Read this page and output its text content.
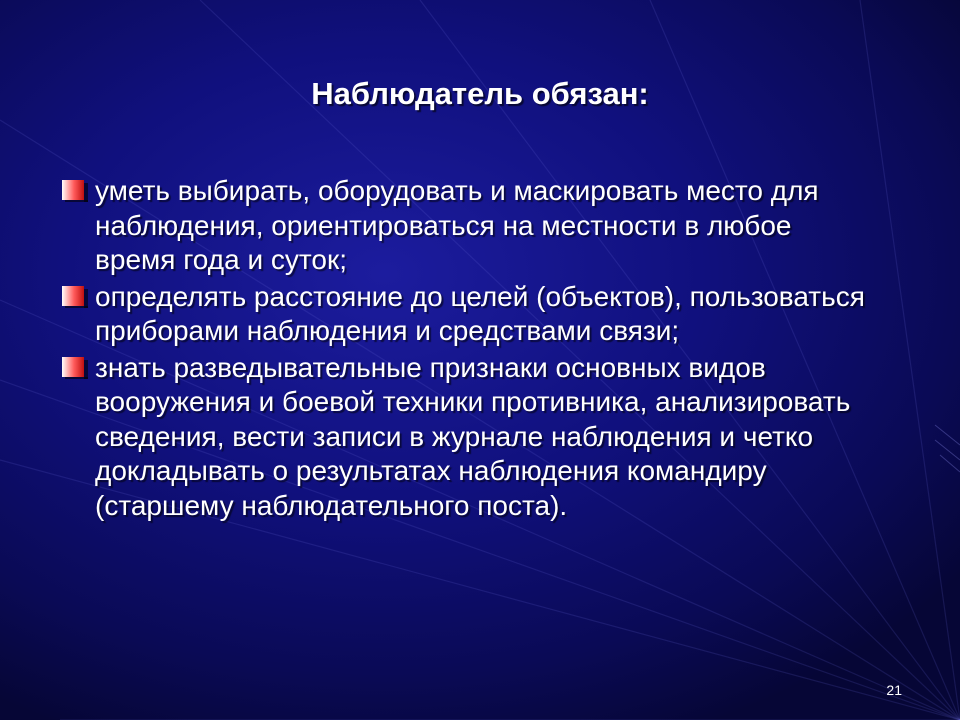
Наблюдатель обязан:
уметь выбирать, оборудовать и маскировать место для наблюдения, ориентироваться на местности в любое время года и суток;
определять расстояние до целей (объектов), пользоваться приборами наблюдения и средствами связи;
знать разведывательные признаки основных видов вооружения и боевой техники противника, анализировать сведения, вести записи в журнале наблюдения и четко докладывать о результатах наблюдения командиру (старшему наблюдательного поста).
21
